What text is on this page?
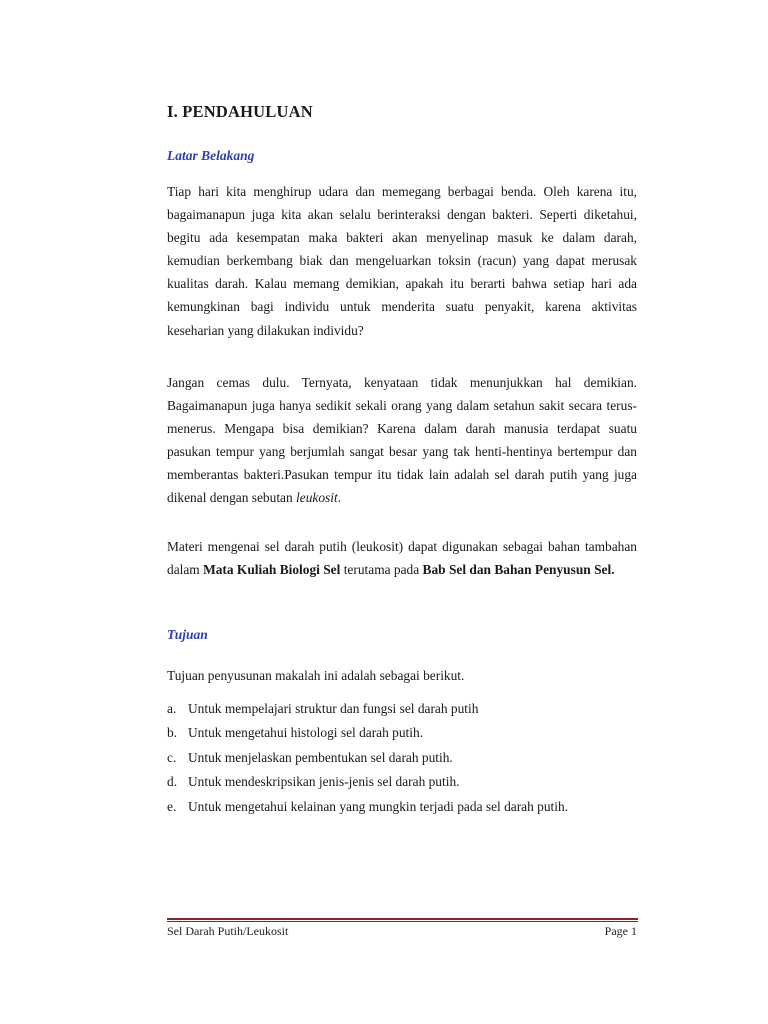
I. PENDAHULUAN
Latar Belakang

Tiap hari kita menghirup udara dan memegang berbagai benda. Oleh karena itu, bagaimanapun juga kita akan selalu berinteraksi dengan bakteri. Seperti diketahui, begitu ada kesempatan maka bakteri akan menyelinap masuk ke dalam darah, kemudian berkembang biak dan mengeluarkan toksin (racun) yang dapat merusak kualitas darah. Kalau memang demikian, apakah itu berarti bahwa setiap hari ada kemungkinan bagi individu untuk menderita suatu penyakit, karena aktivitas keseharian yang dilakukan individu?

Jangan cemas dulu. Ternyata, kenyataan tidak menunjukkan hal demikian. Bagaimanapun juga hanya sedikit sekali orang yang dalam setahun sakit secara terus-menerus. Mengapa bisa demikian? Karena dalam darah manusia terdapat suatu pasukan tempur yang berjumlah sangat besar yang tak henti-hentinya bertempur dan memberantas bakteri.Pasukan tempur itu tidak lain adalah sel darah putih yang juga dikenal dengan sebutan leukosit.

Materi mengenai sel darah putih (leukosit) dapat digunakan sebagai bahan tambahan dalam Mata Kuliah Biologi Sel terutama pada Bab Sel dan Bahan Penyusun Sel.

Tujuan

Tujuan penyusunan makalah ini adalah sebagai berikut.

a. Untuk mempelajari struktur dan fungsi sel darah putih
b. Untuk mengetahui histologi sel darah putih.
c. Untuk menjelaskan pembentukan sel darah putih.
d. Untuk mendeskripsikan jenis-jenis sel darah putih.
e. Untuk mengetahui kelainan yang mungkin terjadi pada sel darah putih.
Sel Darah Putih/Leukosit	Page 1
